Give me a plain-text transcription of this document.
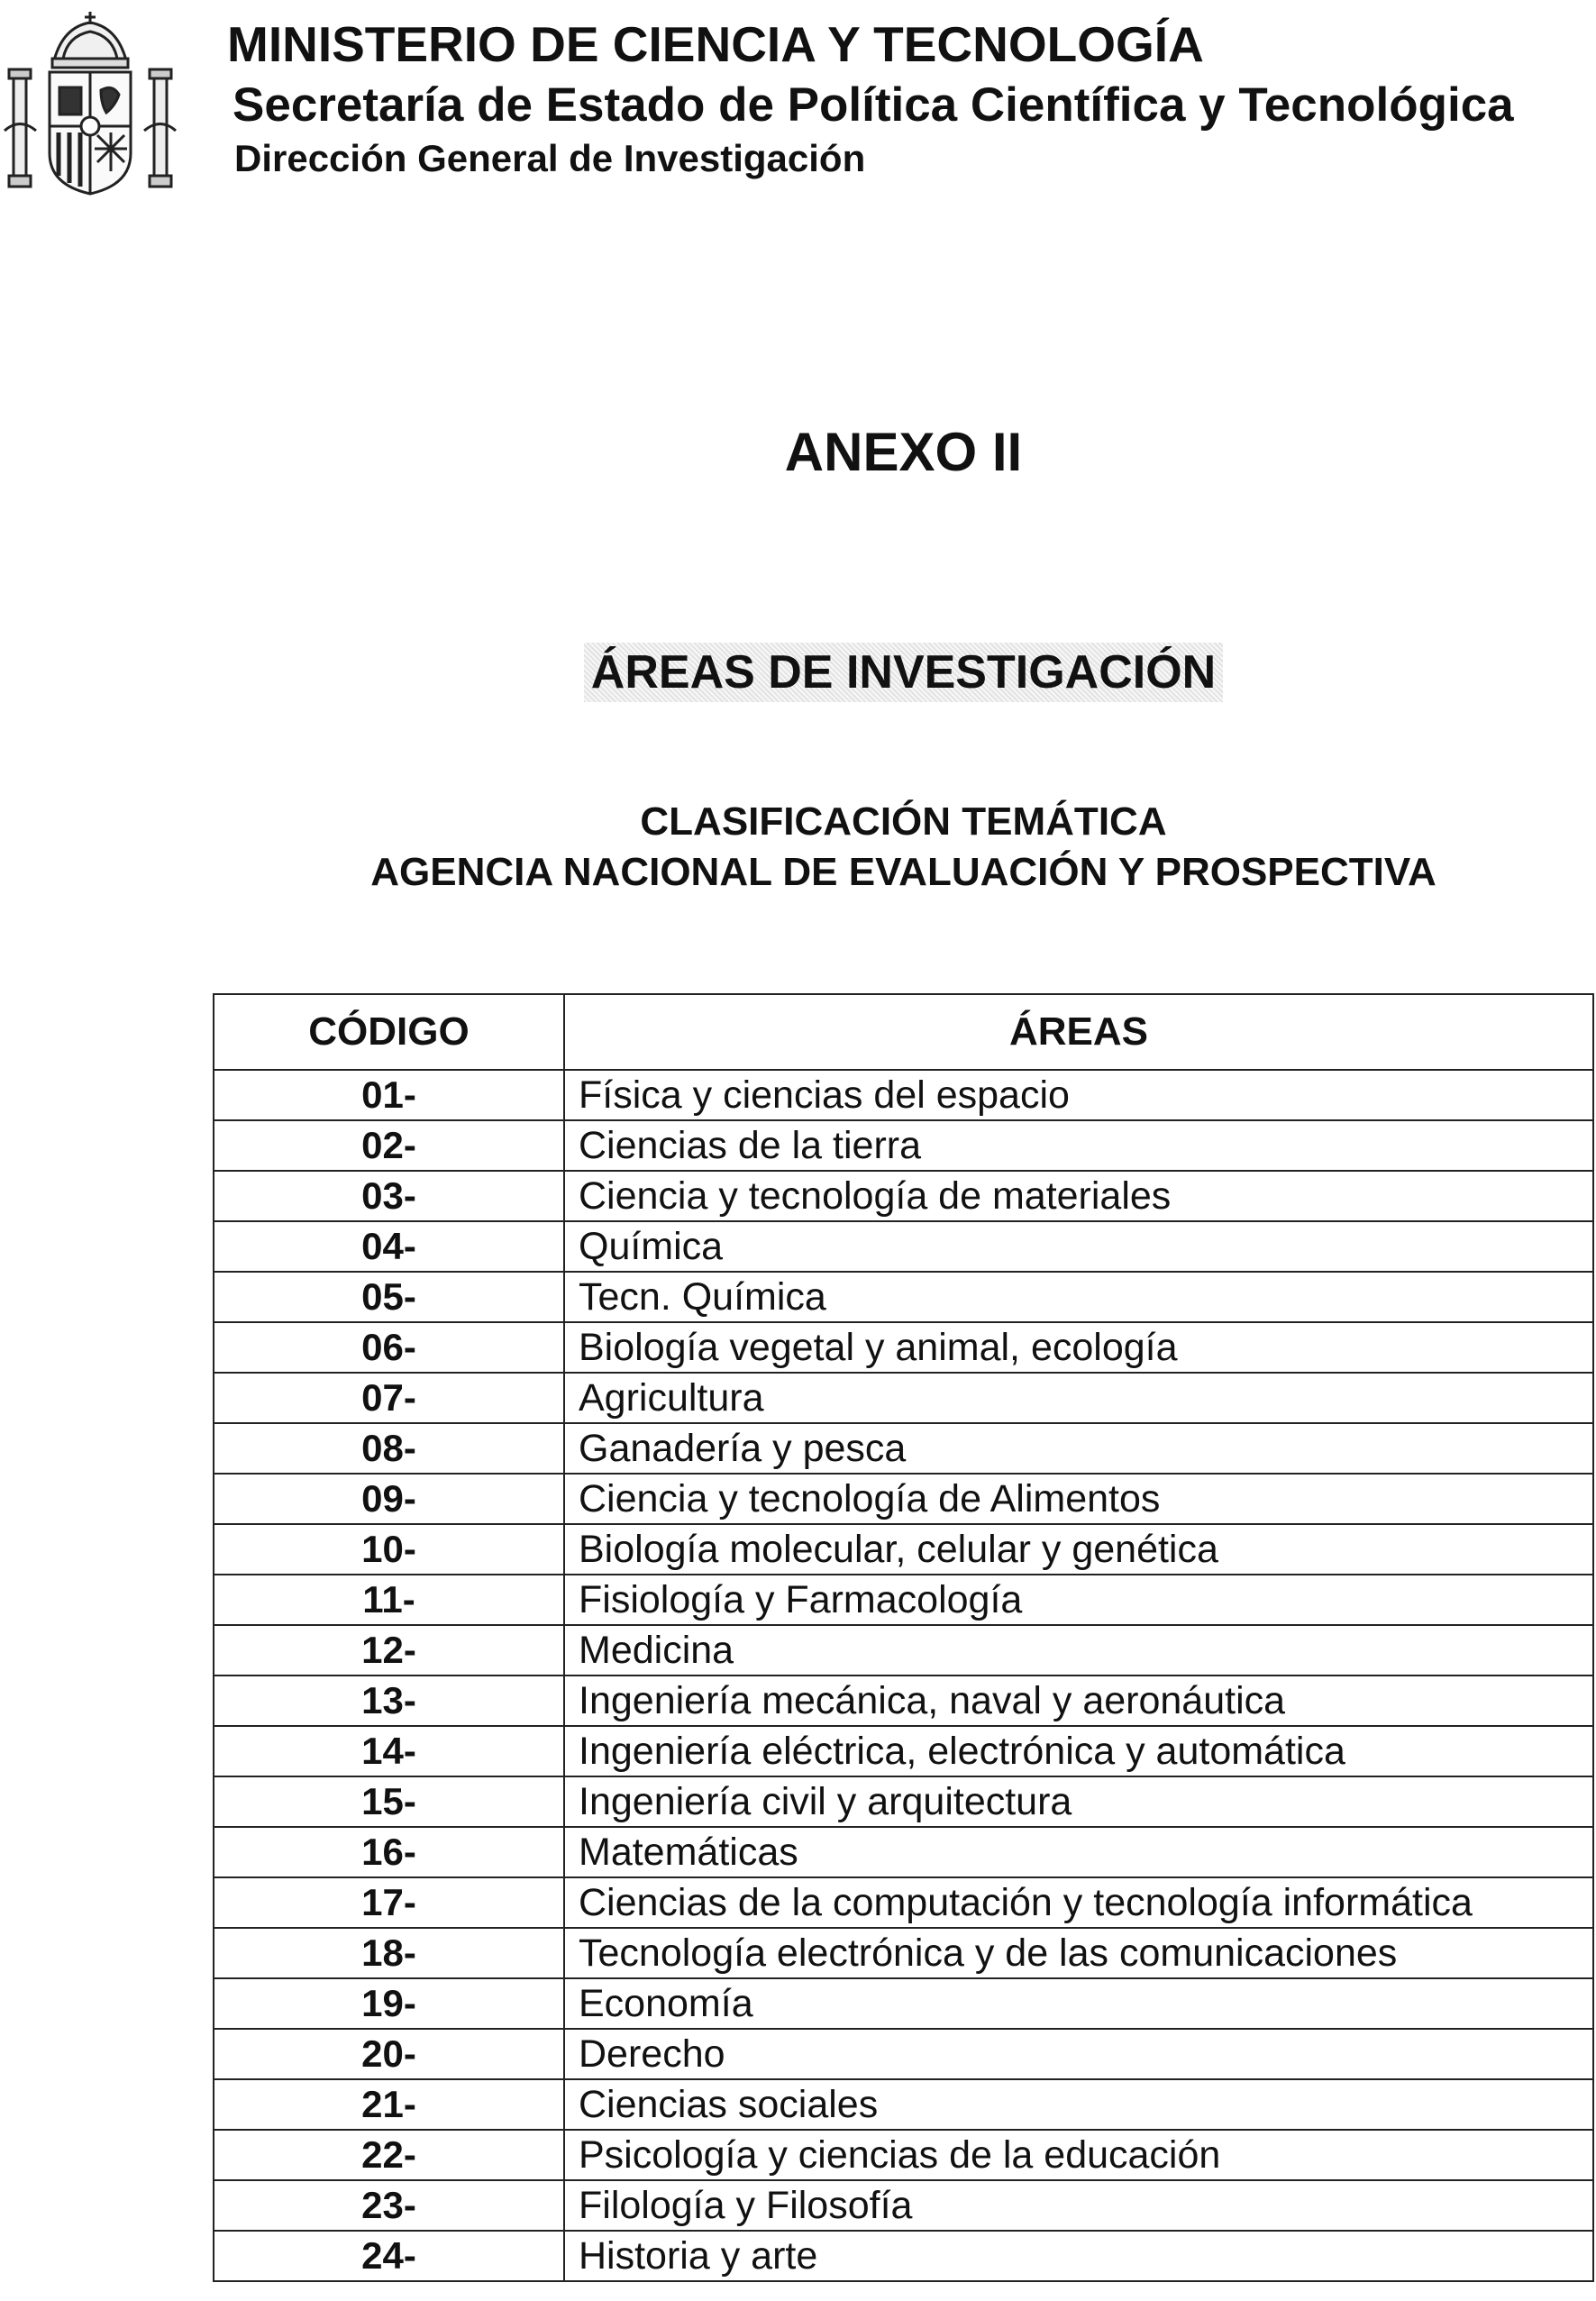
MINISTERIO DE CIENCIA Y TECNOLOGÍA
Secretaría de Estado de Política Científica y Tecnológica
Dirección General de Investigación
ANEXO II
ÁREAS DE INVESTIGACIÓN
CLASIFICACIÓN TEMÁTICA
AGENCIA NACIONAL DE EVALUACIÓN Y PROSPECTIVA
CÓDIGO	ÁREAS
01-	Física y ciencias del espacio
02-	Ciencias de la tierra
03-	Ciencia y tecnología de materiales
04-	Química
05-	Tecn. Química
06-	Biología vegetal y animal, ecología
07-	Agricultura
08-	Ganadería y pesca
09-	Ciencia y tecnología de Alimentos
10-	Biología molecular, celular y genética
11-	Fisiología y Farmacología
12-	Medicina
13-	Ingeniería mecánica, naval y aeronáutica
14-	Ingeniería eléctrica, electrónica y automática
15-	Ingeniería civil y arquitectura
16-	Matemáticas
17-	Ciencias de la computación y tecnología informática
18-	Tecnología electrónica y de las comunicaciones
19-	Economía
20-	Derecho
21-	Ciencias sociales
22-	Psicología y ciencias de la educación
23-	Filología y Filosofía
24-	Historia y arte
